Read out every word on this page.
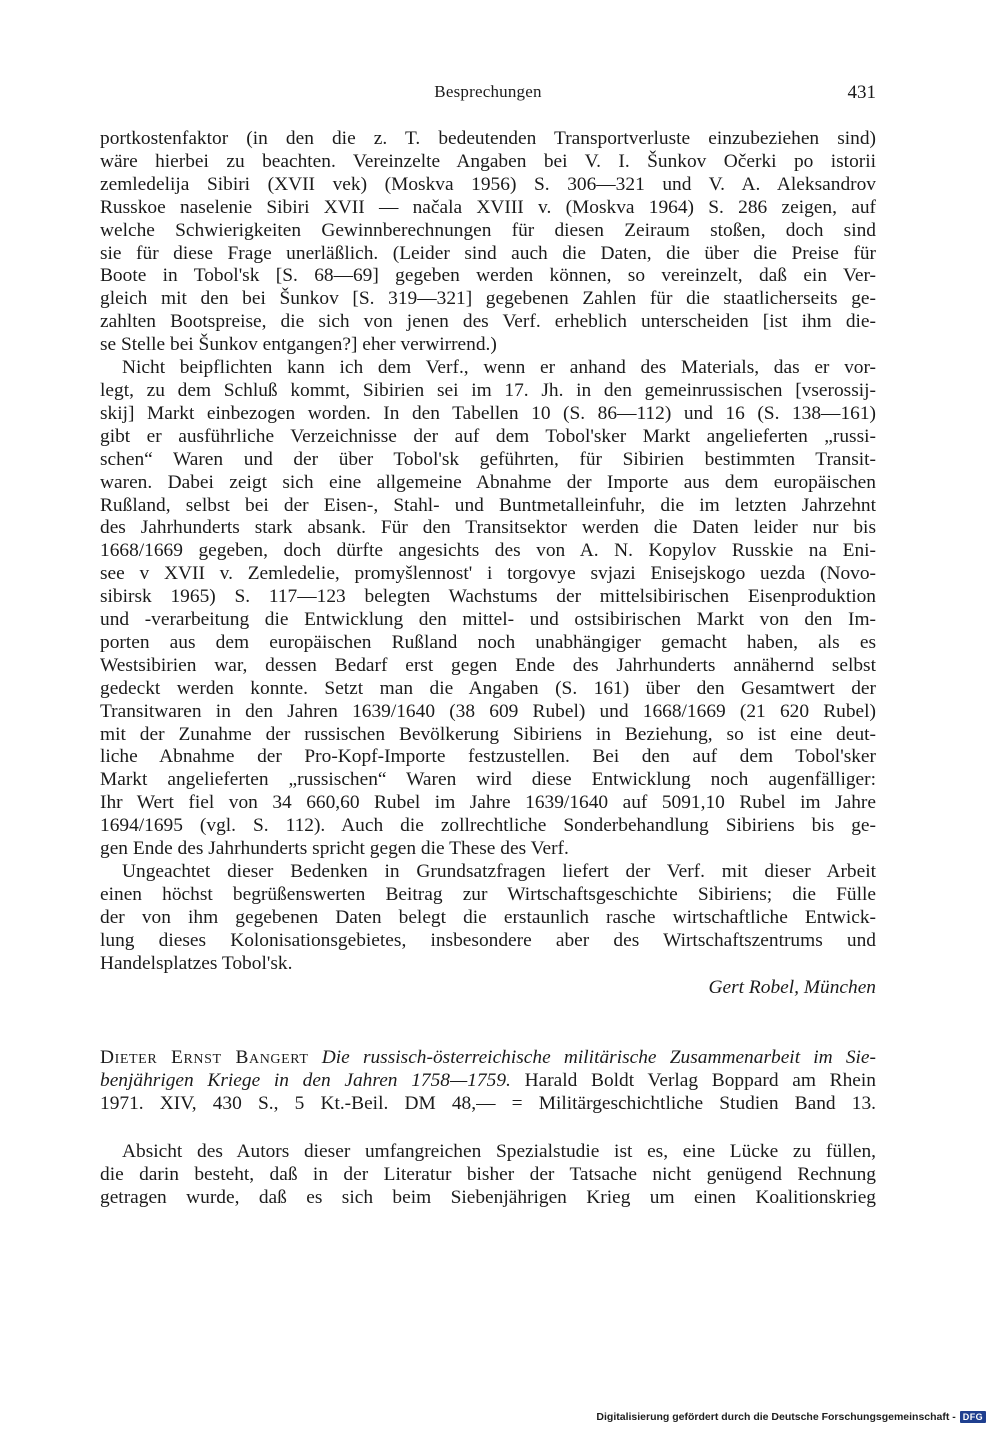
Besprechungen	431
portkostenfaktor (in den die z. T. bedeutenden Transportverluste einzubeziehen sind)
wäre hierbei zu beachten. Vereinzelte Angaben bei V. I. Šunkov Očerki po istorii
zemledelija Sibiri (XVII vek) (Moskva 1956) S. 306—321 und V. A. Aleksandrov
Russkoe naselenie Sibiri XVII — načala XVIII v. (Moskva 1964) S. 286 zeigen, auf
welche Schwierigkeiten Gewinnberechnungen für diesen Zeiraum stoßen, doch sind
sie für diese Frage unerläßlich. (Leider sind auch die Daten, die über die Preise für
Boote in Tobol'sk [S. 68—69] gegeben werden können, so vereinzelt, daß ein Ver-
gleich mit den bei Šunkov [S. 319—321] gegebenen Zahlen für die staatlicherseits ge-
zahlten Bootspreise, die sich von jenen des Verf. erheblich unterscheiden [ist ihm die-
se Stelle bei Šunkov entgangen?] eher verwirrend.)
Nicht beipflichten kann ich dem Verf., wenn er anhand des Materials, das er vor-
legt, zu dem Schluß kommt, Sibirien sei im 17. Jh. in den gemeinrussischen [vserossij-
skij] Markt einbezogen worden. In den Tabellen 10 (S. 86—112) und 16 (S. 138—161)
gibt er ausführliche Verzeichnisse der auf dem Tobol'sker Markt angelieferten „russi-
schen“ Waren und der über Tobol'sk geführten, für Sibirien bestimmten Transit-
waren. Dabei zeigt sich eine allgemeine Abnahme der Importe aus dem europäischen
Rußland, selbst bei der Eisen-, Stahl- und Buntmetalleinfuhr, die im letzten Jahrzehnt
des Jahrhunderts stark absank. Für den Transitsektor werden die Daten leider nur bis
1668/1669 gegeben, doch dürfte angesichts des von A. N. Kopylov Russkie na Eni-
see v XVII v. Zemledelie, promyšlennost' i torgovye svjazi Enisejskogo uezda (Novo-
sibirsk 1965) S. 117—123 belegten Wachstums der mittelsibirischen Eisenproduktion
und -verarbeitung die Entwicklung den mittel- und ostsibirischen Markt von den Im-
porten aus dem europäischen Rußland noch unabhängiger gemacht haben, als es
Westsibirien war, dessen Bedarf erst gegen Ende des Jahrhunderts annähernd selbst
gedeckt werden konnte. Setzt man die Angaben (S. 161) über den Gesamtwert der
Transitwaren in den Jahren 1639/1640 (38 609 Rubel) und 1668/1669 (21 620 Rubel)
mit der Zunahme der russischen Bevölkerung Sibiriens in Beziehung, so ist eine deut-
liche Abnahme der Pro-Kopf-Importe festzustellen. Bei den auf dem Tobol'sker
Markt angelieferten „russischen“ Waren wird diese Entwicklung noch augenfälliger:
Ihr Wert fiel von 34 660,60 Rubel im Jahre 1639/1640 auf 5091,10 Rubel im Jahre
1694/1695 (vgl. S. 112). Auch die zollrechtliche Sonderbehandlung Sibiriens bis ge-
gen Ende des Jahrhunderts spricht gegen die These des Verf.
Ungeachtet dieser Bedenken in Grundsatzfragen liefert der Verf. mit dieser Arbeit
einen höchst begrüßenswerten Beitrag zur Wirtschaftsgeschichte Sibiriens; die Fülle
der von ihm gegebenen Daten belegt die erstaunlich rasche wirtschaftliche Entwick-
lung dieses Kolonisationsgebietes, insbesondere aber des Wirtschaftszentrums und
Handelsplatzes Tobol'sk.
Gert Robel, München
Dieter Ernst Bangert Die russisch-österreichische militärische Zusammenarbeit im Sie-
benjährigen Kriege in den Jahren 1758—1759. Harald Boldt Verlag Boppard am Rhein
1971. XIV, 430 S., 5 Kt.-Beil. DM 48,— = Militärgeschichtliche Studien Band 13.
Absicht des Autors dieser umfangreichen Spezialstudie ist es, eine Lücke zu füllen,
die darin besteht, daß in der Literatur bisher der Tatsache nicht genügend Rechnung
getragen wurde, daß es sich beim Siebenjährigen Krieg um einen Koalitionskrieg
Digitalisierung gefördert durch die Deutsche Forschungsgemeinschaft - DFG
